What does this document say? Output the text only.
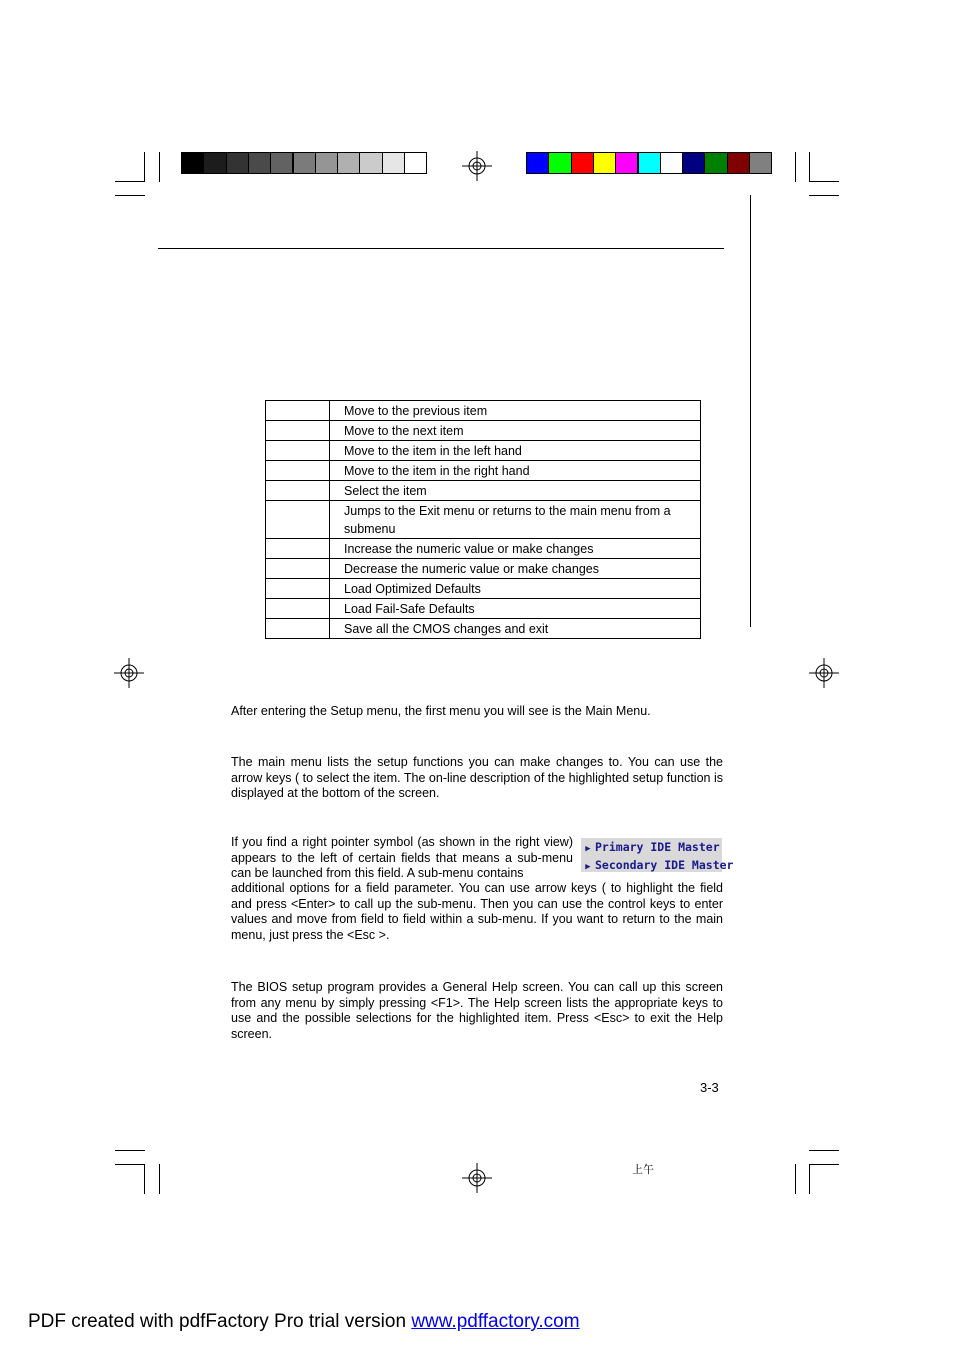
	Move to the previous item
	Move to the next item
	Move to the item in the left hand
	Move to the item in the right hand
	Select the item
	Jumps to the Exit menu or returns to the main menu from a submenu
	Increase the numeric value or make changes
	Decrease the numeric value or make changes
	Load Optimized Defaults
	Load Fail-Safe Defaults
	Save all the CMOS changes and exit
After entering the Setup menu, the first menu you will see is the Main Menu.
The main menu lists the setup functions you can make changes to. You can use the arrow keys ( to select the item. The on-line description of the highlighted setup function is displayed at the bottom of the screen.
If you find a right pointer symbol (as shown in the right view) appears to the left of certain fields that means a sub-menu can be launched from this field. A sub-menu contains
additional options for a field parameter. You can use arrow keys ( to highlight the field and press <Enter> to call up the sub-menu. Then you can use the control keys to enter values and move from field to field within a sub-menu. If you want to return to the main menu, just press the <Esc >.
The BIOS setup program provides a General Help screen. You can call up this screen from any menu by simply pressing <F1>. The Help screen lists the appropriate keys to use and the possible selections for the highlighted item. Press <Esc> to exit the Help screen.
▶ Primary IDE Master
▶ Secondary IDE Master
3-3
上午
PDF created with pdfFactory Pro trial version www.pdffactory.com
